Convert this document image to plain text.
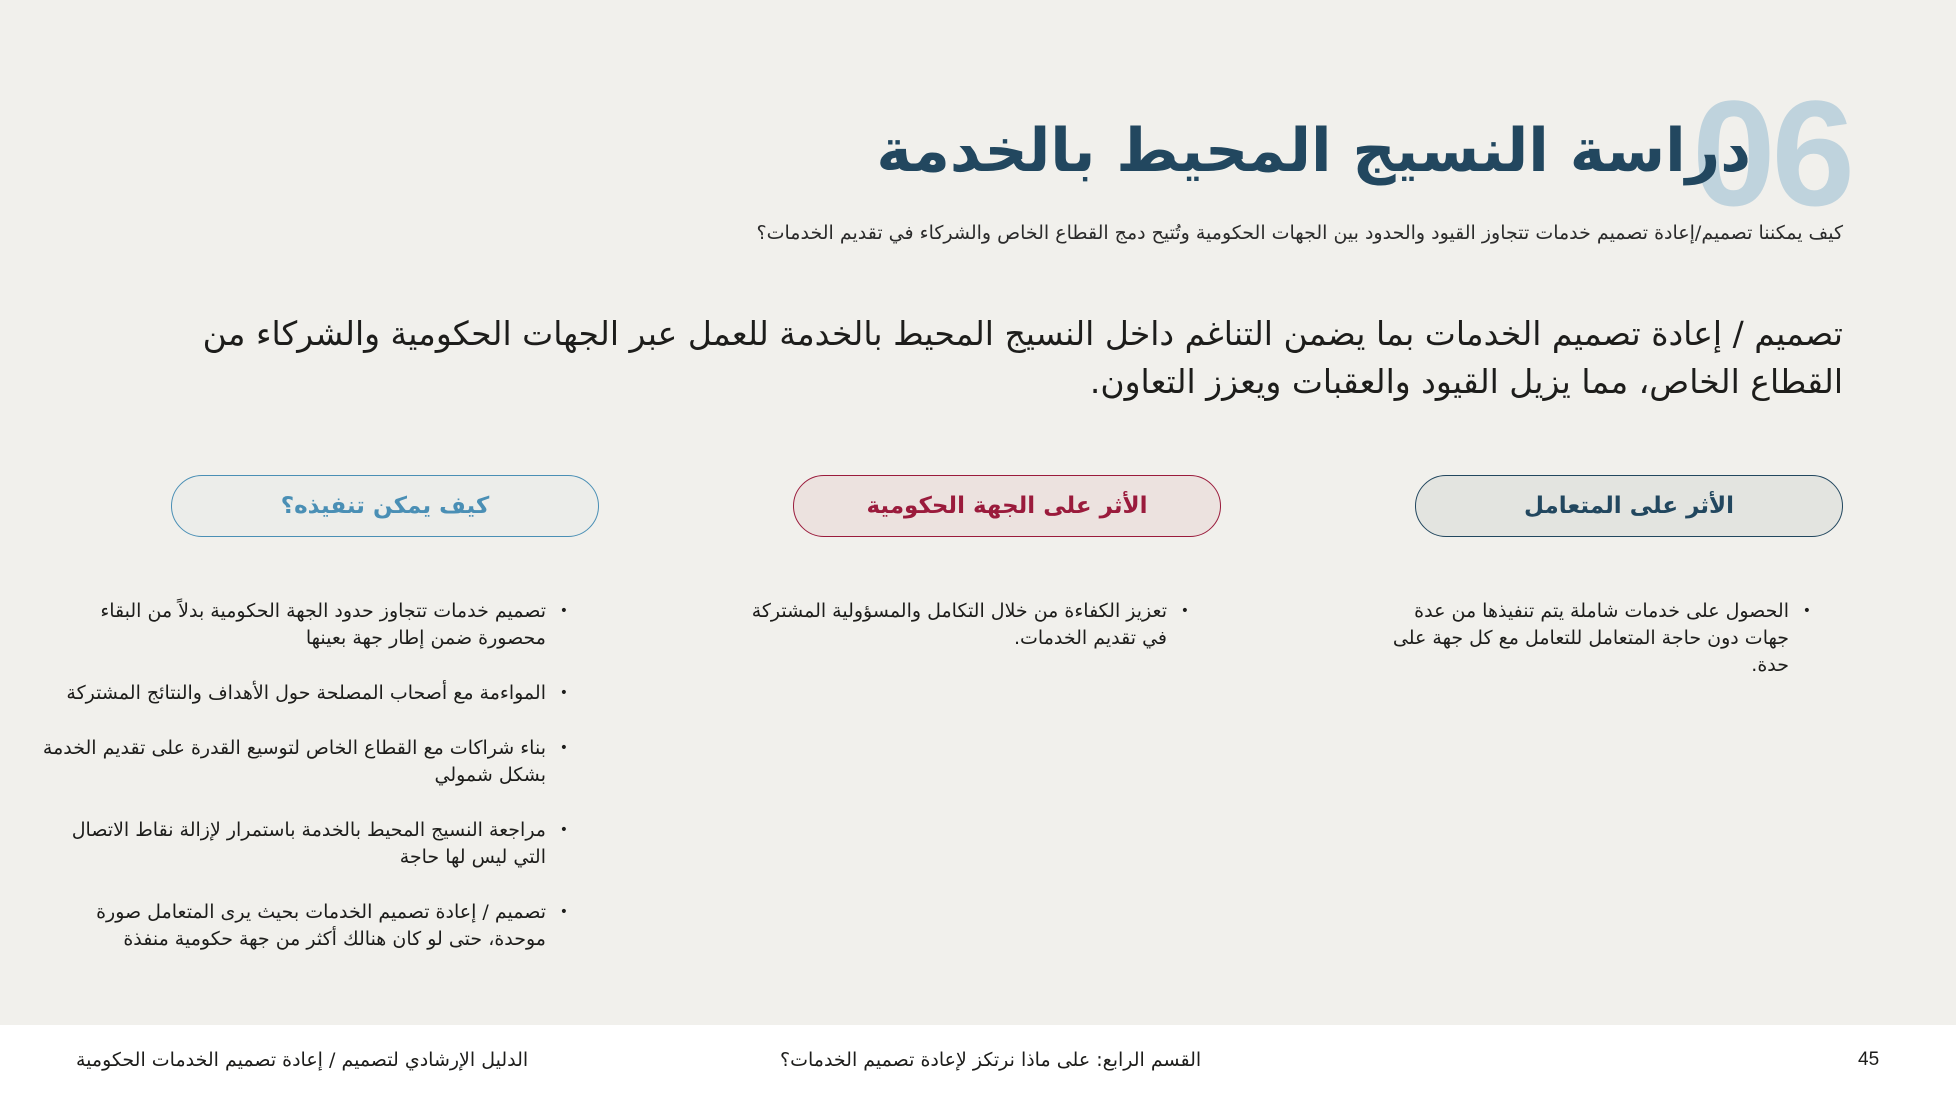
06
دراسة النسيج المحيط بالخدمة

كيف يمكننا تصميم/إعادة تصميم خدمات تتجاوز القيود والحدود بين الجهات الحكومية وتُتيح دمج القطاع الخاص والشركاء في تقديم الخدمات؟

تصميم / إعادة تصميم الخدمات بما يضمن التناغم داخل النسيج المحيط بالخدمة للعمل عبر الجهات الحكومية والشركاء من القطاع الخاص، مما يزيل القيود والعقبات ويعزز التعاون.

الأثر على المتعامل
الأثر على الجهة الحكومية
كيف يمكن تنفيذه؟
•
الحصول على خدمات شاملة يتم تنفيذها من عدة جهات دون حاجة المتعامل للتعامل مع كل جهة على حدة.
•
تعزيز الكفاءة من خلال التكامل والمسؤولية المشتركة في تقديم الخدمات.
•
تصميم خدمات تتجاوز حدود الجهة الحكومية بدلاً من البقاء محصورة ضمن إطار جهة بعينها
•
المواءمة مع أصحاب المصلحة حول الأهداف والنتائج المشتركة
•
بناء شراكات مع القطاع الخاص لتوسيع القدرة على تقديم الخدمة بشكل شمولي
•
مراجعة النسيج المحيط بالخدمة باستمرار لإزالة نقاط الاتصال التي ليس لها حاجة
•
تصميم / إعادة تصميم الخدمات بحيث يرى المتعامل صورة موحدة، حتى لو كان هنالك أكثر من جهة حكومية منفذة
45
القسم الرابع: على ماذا نرتكز لإعادة تصميم الخدمات؟
الدليل الإرشادي لتصميم / إعادة تصميم الخدمات الحكومية
